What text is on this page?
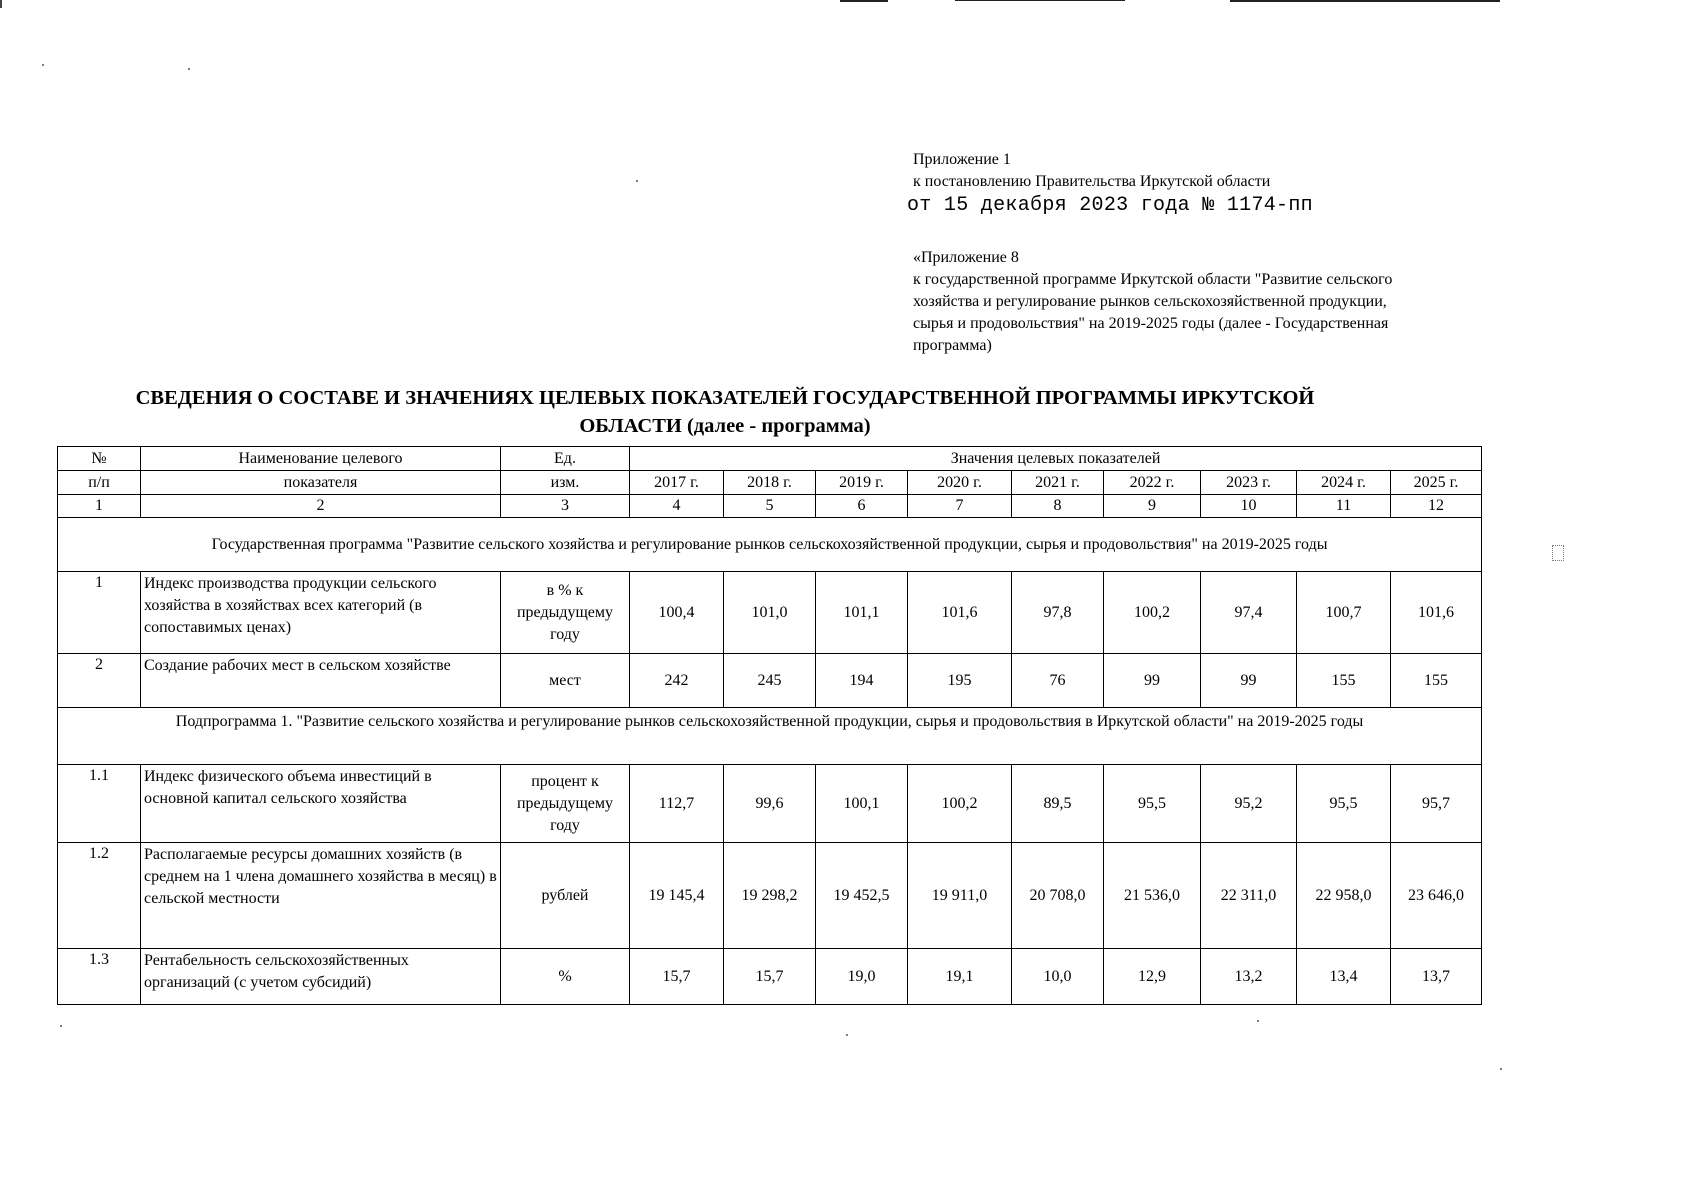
Приложение 1
к постановлению Правительства Иркутской области
от 15 декабря 2023 года № 1174-пп
«Приложение 8
к государственной программе Иркутской области "Развитие сельского
хозяйства и регулирование рынков сельскохозяйственной продукции,
сырья и продовольствия" на 2019-2025 годы (далее - Государственная
программа)
СВЕДЕНИЯ О СОСТАВЕ И ЗНАЧЕНИЯХ ЦЕЛЕВЫХ ПОКАЗАТЕЛЕЙ ГОСУДАРСТВЕННОЙ ПРОГРАММЫ ИРКУТСКОЙ
ОБЛАСТИ (далее - программа)
№	Наименование целевого	Ед.	Значения целевых показателей								
п/п	показателя	изм.	2017 г.	2018 г.	2019 г.	2020 г.	2021 г.	2022 г.	2023 г.	2024 г.	2025 г.
1	2	3	4	5	6	7	8	9	10	11	12
Государственная программа "Развитие сельского хозяйства и регулирование рынков сельскохозяйственной продукции, сырья и продовольствия" на 2019-2025 годы											
1	Индекс производства продукции сельского хозяйства в хозяйствах всех категорий (в сопоставимых ценах)	в % к предыдущему году	100,4	101,0	101,1	101,6	97,8	100,2	97,4	100,7	101,6
2	Создание рабочих мест в сельском хозяйстве	мест	242	245	194	195	76	99	99	155	155
Подпрограмма 1. "Развитие сельского хозяйства и регулирование рынков сельскохозяйственной продукции, сырья и продовольствия в Иркутской области" на 2019-2025 годы											
1.1	Индекс физического объема инвестиций в основной капитал сельского хозяйства	процент к предыдущему году	112,7	99,6	100,1	100,2	89,5	95,5	95,2	95,5	95,7
1.2	Располагаемые ресурсы домашних хозяйств (в среднем на 1 члена домашнего хозяйства в месяц) в сельской местности	рублей	19 145,4	19 298,2	19 452,5	19 911,0	20 708,0	21 536,0	22 311,0	22 958,0	23 646,0
1.3	Рентабельность сельскохозяйственных организаций (с учетом субсидий)	%	15,7	15,7	19,0	19,1	10,0	12,9	13,2	13,4	13,7
